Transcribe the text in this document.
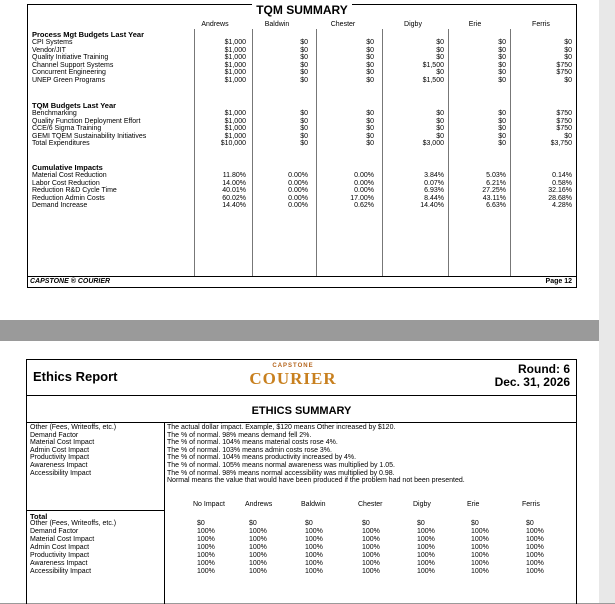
TQM SUMMARY
CAPSTONE ® COURIER	Page 12
Andrews	Baldwin	Chester	Digby	Erie	Ferris
Process Mgt Budgets Last Year
CPI Systems	$1,000	$0	$0	$0	$0	$0
Vendor/JIT	$1,000	$0	$0	$0	$0	$0
Quality Initiative Training	$1,000	$0	$0	$0	$0	$0
Channel Support Systems	$1,000	$0	$0	$1,500	$0	$750
Concurrent Engineering	$1,000	$0	$0	$0	$0	$750
UNEP Green Programs	$1,000	$0	$0	$1,500	$0	$0
TQM Budgets Last Year
Benchmarking	$1,000	$0	$0	$0	$0	$750
Quality Function Deployment Effort	$1,000	$0	$0	$0	$0	$750
CCE/6 Sigma Training	$1,000	$0	$0	$0	$0	$750
GEMI TQEM Sustainability Initiatives	$1,000	$0	$0	$0	$0	$0
Total Expenditures	$10,000	$0	$0	$3,000	$0	$3,750
Cumulative Impacts
Material Cost Reduction	11.80%	0.00%	0.00%	3.84%	5.03%	0.14%
Labor Cost Reduction	14.00%	0.00%	0.00%	0.07%	6.21%	0.58%
Reduction R&D Cycle Time	40.01%	0.00%	0.00%	6.93%	27.25%	32.16%
Reduction Admin Costs	60.02%	0.00%	17.00%	8.44%	43.11%	28.68%
Demand Increase	14.40%	0.00%	0.62%	14.40%	6.63%	4.28%
Ethics Report
CAPSTONE
COURIER	Round: 6
Dec. 31, 2026
ETHICS SUMMARY
Total
Other (Fees, Writeoffs, etc.)	The actual dollar impact. Example, $120 means Other increased by $120.
Demand Factor	The % of normal. 98% means demand fell 2%.
Material Cost Impact	The % of normal. 104% means material costs rose 4%.
Admin Cost Impact	The % of normal. 103% means admin costs rose 3%.
Productivity Impact	The % of normal. 104% means productivity increased by 4%.
Awareness Impact	The % of normal. 105% means normal awareness was multiplied by 1.05.
Accessibility Impact	The % of normal. 98% means normal accessibility was multiplied by 0.98.
Normal means the value that would have been produced if the problem had not been presented.
No Impact	Andrews	Baldwin	Chester	Digby	Erie	Ferris
Other (Fees, Writeoffs, etc.)	$0	$0	$0	$0	$0	$0	$0
Demand Factor	100%	100%	100%	100%	100%	100%	100%
Material Cost Impact	100%	100%	100%	100%	100%	100%	100%
Admin Cost Impact	100%	100%	100%	100%	100%	100%	100%
Productivity Impact	100%	100%	100%	100%	100%	100%	100%
Awareness Impact	100%	100%	100%	100%	100%	100%	100%
Accessibility Impact	100%	100%	100%	100%	100%	100%	100%
